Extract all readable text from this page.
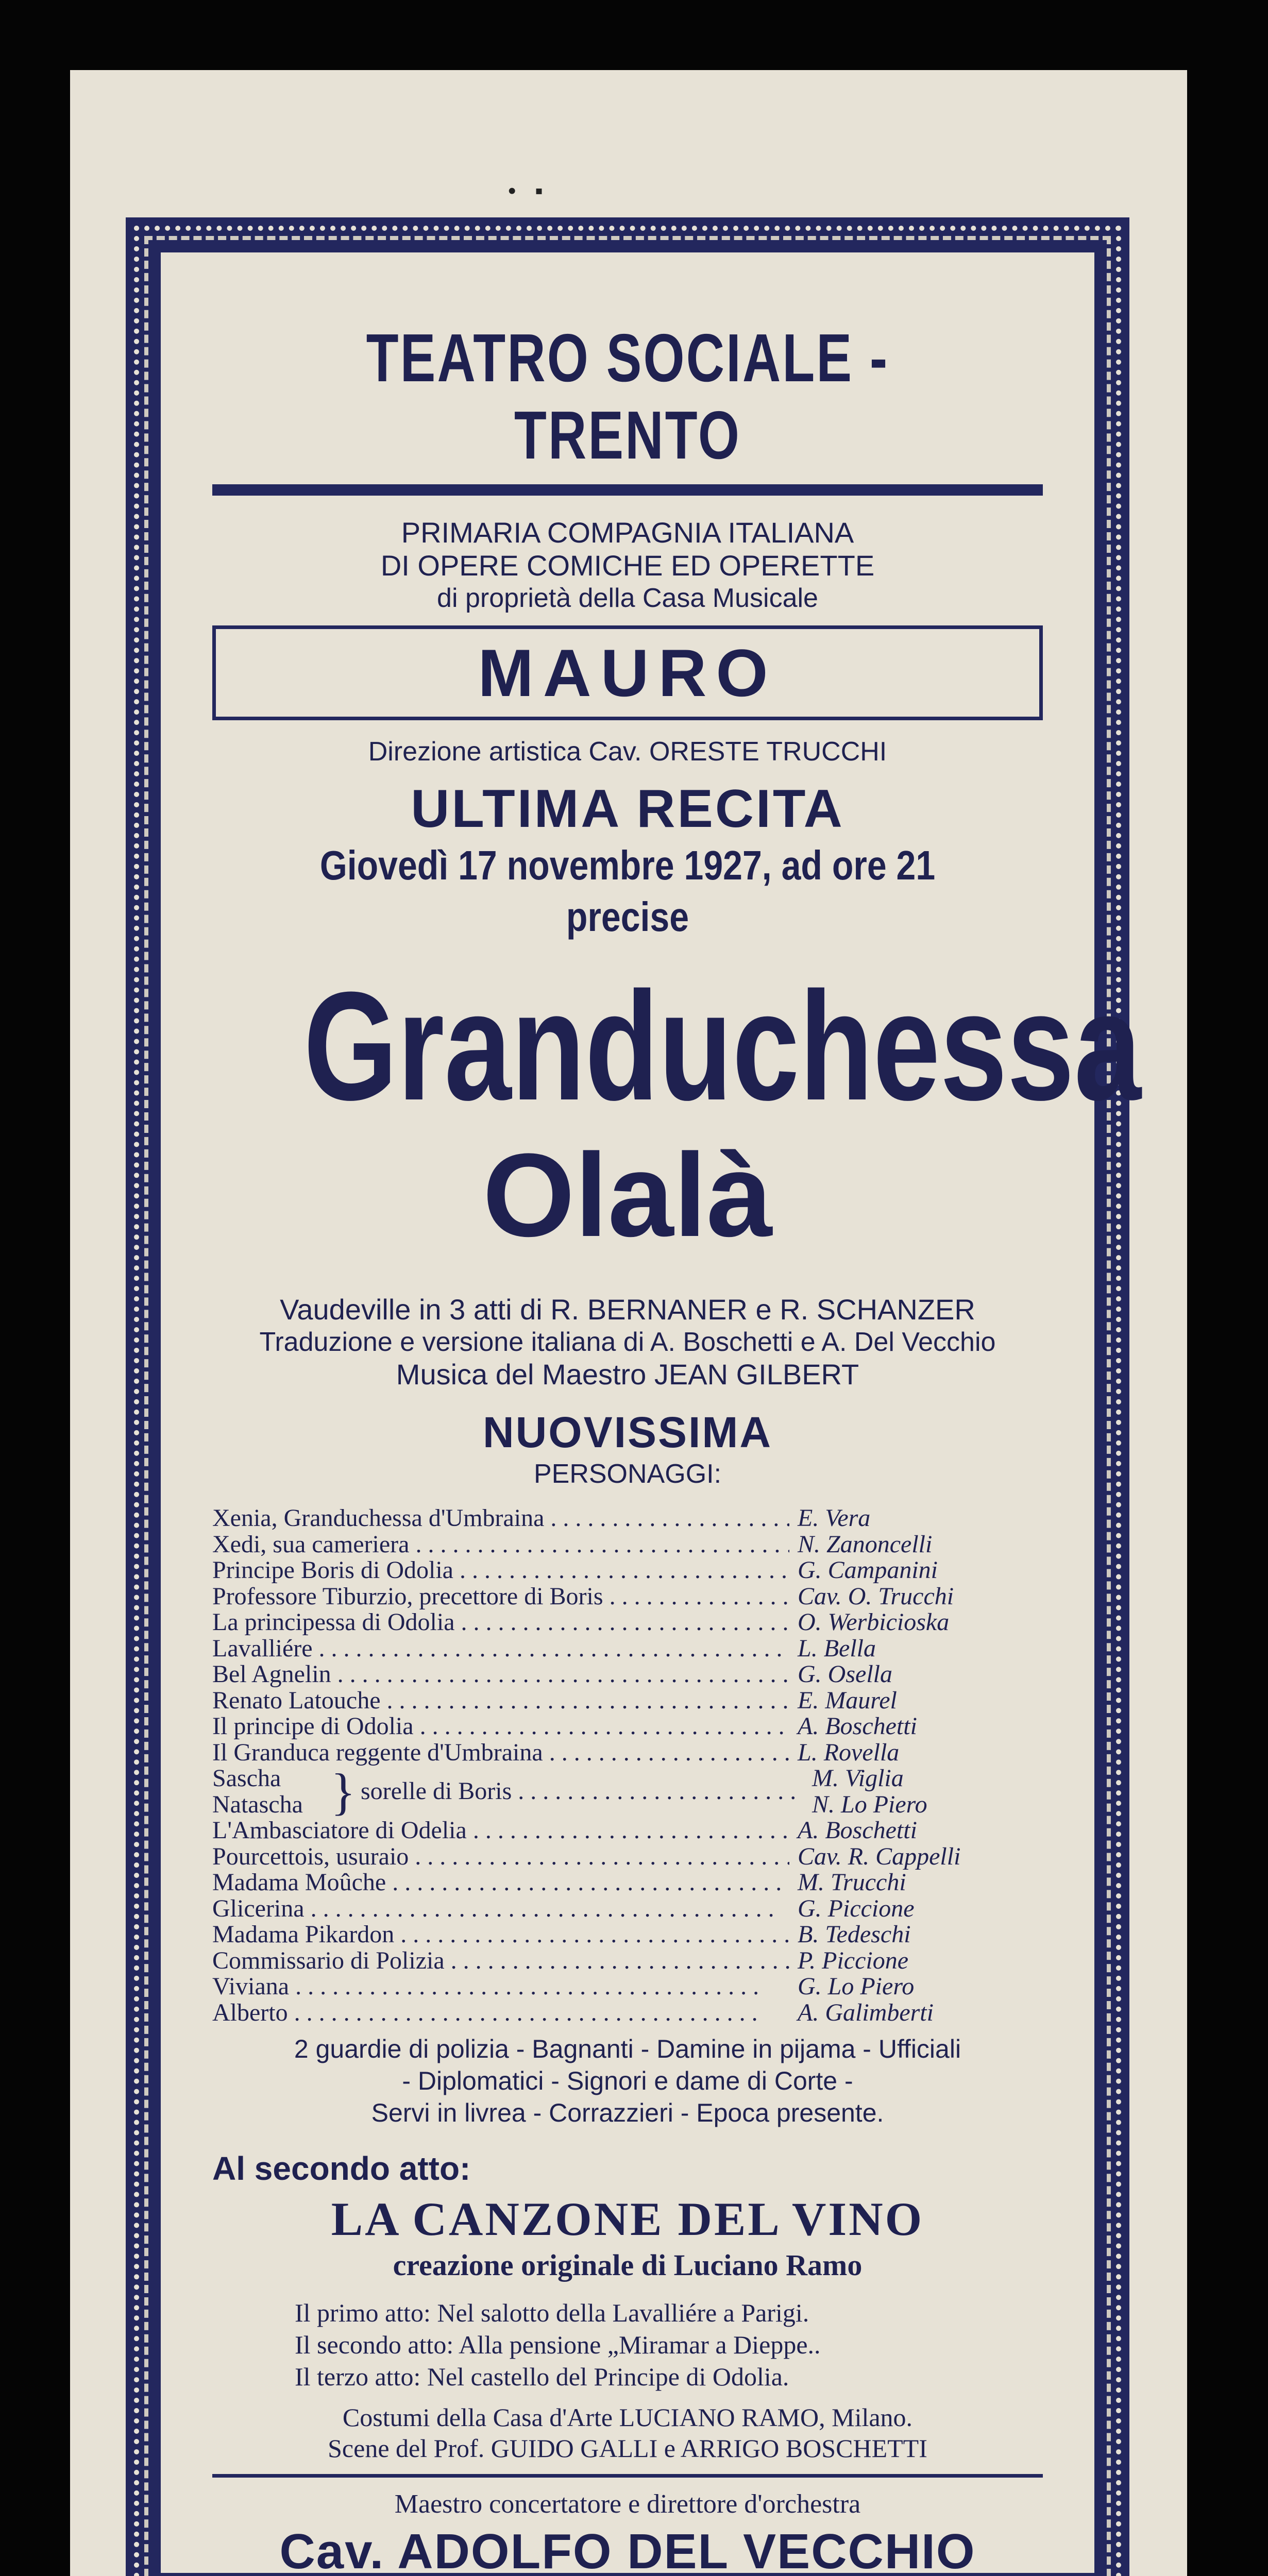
•   ▪
TEATRO SOCIALE - TRENTO

PRIMARIA COMPAGNIA ITALIANA

DI OPERE COMICHE ED OPERETTE

di proprietà della Casa Musicale

MAURO

Direzione artistica Cav. ORESTE TRUCCHI

ULTIMA RECITA
Giovedì 17 novembre 1927, ad ore 21 precise
Granduchessa
Olalà

Vaudeville in 3 atti di R. BERNANER e R. SCHANZER

Traduzione e versione italiana di A. Boschetti e A. Del Vecchio

Musica del Maestro JEAN GILBERT

NUOVISSIMA

PERSONAGGI:

Xenia, Granduchessa d'Umbraina . . .	E. Vera
Xedi, sua cameriera . . .	N. Zanoncelli
Principe Boris di Odolia . . .	G. Campanini
Professore Tiburzio, precettore di Boris . . .	Cav. O. Trucchi
La principessa di Odolia . . .	O. Werbicioska
Lavalliére . . .	L. Bella
Bel Agnelin . . .	G. Osella
Renato Latouche . . .	E. Maurel
Il principe di Odolia . . .	A. Boschetti
Il Granduca reggente d'Umbraina . . .	L. Rovella
Sascha
Natascha } sorelle di Boris . . .	M. Viglia
N. Lo Piero
L'Ambasciatore di Odelia . . .	A. Boschetti
Pourcettois, usuraio . . .	Cav. R. Cappelli
Madama Moûche . . .	M. Trucchi
Glicerina . . .	G. Piccione
Madama Pikardon . . .	B. Tedeschi
Commissario di Polizia . . .	P. Piccione
Viviana . . .	G. Lo Piero
Alberto . . .	A. Galimberti
2 guardie di polizia - Bagnanti - Damine in pijama - Ufficiali
- Diplomatici - Signori e dame di Corte -
Servi in livrea - Corrazzieri - Epoca presente.
Al secondo atto:
LA CANZONE DEL VINO
creazione originale di Luciano Ramo
Il primo atto: Nel salotto della Lavalliére a Parigi.
Il secondo atto: Alla pensione „Miramar a Dieppe..
Il terzo atto: Nel castello del Principe di Odolia.
Costumi della Casa d'Arte LUCIANO RAMO, Milano.
Scene del Prof. GUIDO GALLI e ARRIGO BOSCHETTI
Maestro concertatore e direttore d'orchestra
Cav. ADOLFO DEL VECCHIO
